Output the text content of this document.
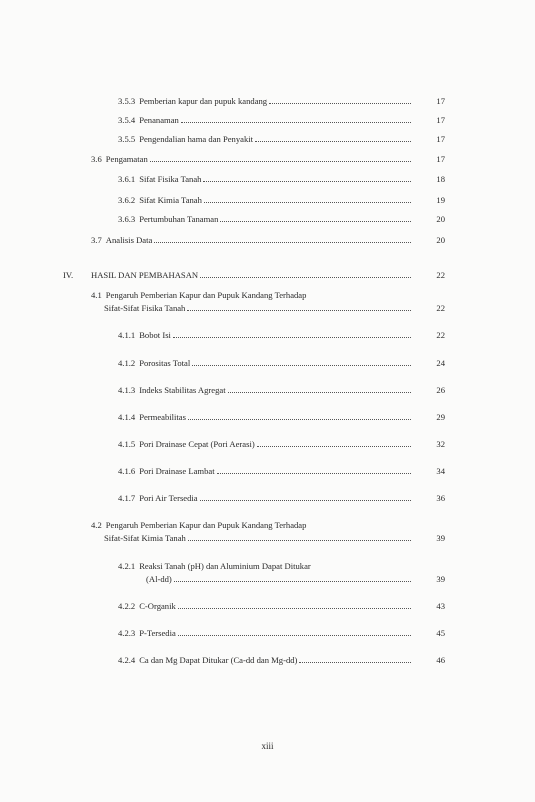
3.5.3 Pemberian kapur dan pupuk kandang	17
3.5.4 Penanaman	17
3.5.5 Pengendalian hama dan Penyakit	17
3.6 Pengamatan	17
3.6.1 Sifat Fisika Tanah	18
3.6.2 Sifat Kimia Tanah	19
3.6.3 Pertumbuhan Tanaman	20
3.7 Analisis Data	20
IV.	HASIL DAN PEMBAHASAN	22
4.1 Pengaruh Pemberian Kapur dan Pupuk Kandang Terhadap
Sifat-Sifat Fisika Tanah	22
4.1.1 Bobot Isi	22
4.1.2 Porositas Total	24
4.1.3 Indeks Stabilitas Agregat	26
4.1.4 Permeabilitas	29
4.1.5 Pori Drainase Cepat (Pori Aerasi)	32
4.1.6 Pori Drainase Lambat	34
4.1.7 Pori Air Tersedia	36
4.2 Pengaruh Pemberian Kapur dan Pupuk Kandang Terhadap
Sifat-Sifat Kimia Tanah	39
4.2.1 Reaksi Tanah (pH) dan Aluminium Dapat Ditukar
(Al-dd)	39
4.2.2 C-Organik	43
4.2.3 P-Tersedia	45
4.2.4 Ca dan Mg Dapat Ditukar (Ca-dd dan Mg-dd)	46
xiii
